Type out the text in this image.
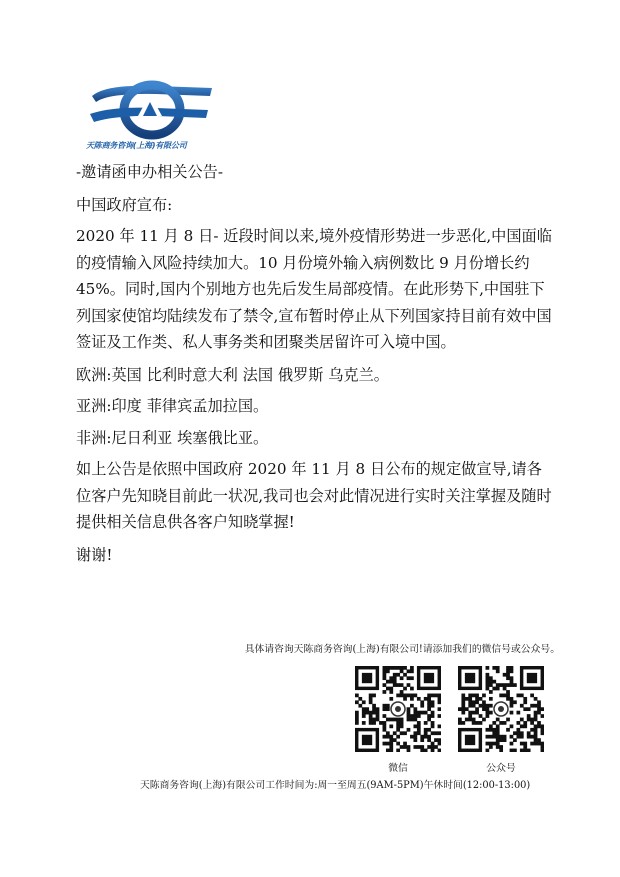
天陈商务咨询(上海)有限公司

-邀请函申办相关公告-

中国政府宣布:

2020 年 11 月 8 日- 近段时间以来,境外疫情形势进一步恶化,中国面临的疫情输入风险持续加大。10 月份境外输入病例数比 9 月份增长约 45%。同时,国内个别地方也先后发生局部疫情。在此形势下,中国驻下列国家使馆均陆续发布了禁令,宣布暂时停止从下列国家持目前有效中国签证及工作类、私人事务类和团聚类居留许可入境中国。

欧洲:英国 比利时意大利 法国 俄罗斯 乌克兰。

亚洲:印度 菲律宾孟加拉国。

非洲:尼日利亚 埃塞俄比亚。

如上公告是依照中国政府 2020 年 11 月 8 日公布的规定做宣导,请各位客户先知晓目前此一状况,我司也会对此情况进行实时关注掌握及随时提供相关信息供各客户知晓掌握!

谢谢!

具体请咨询天陈商务咨询(上海)有限公司!请添加我们的微信号或公众号。
微信	公众号
天陈商务咨询(上海)有限公司工作时间为:周一至周五(9AM-5PM)午休时间(12:00-13:00)
